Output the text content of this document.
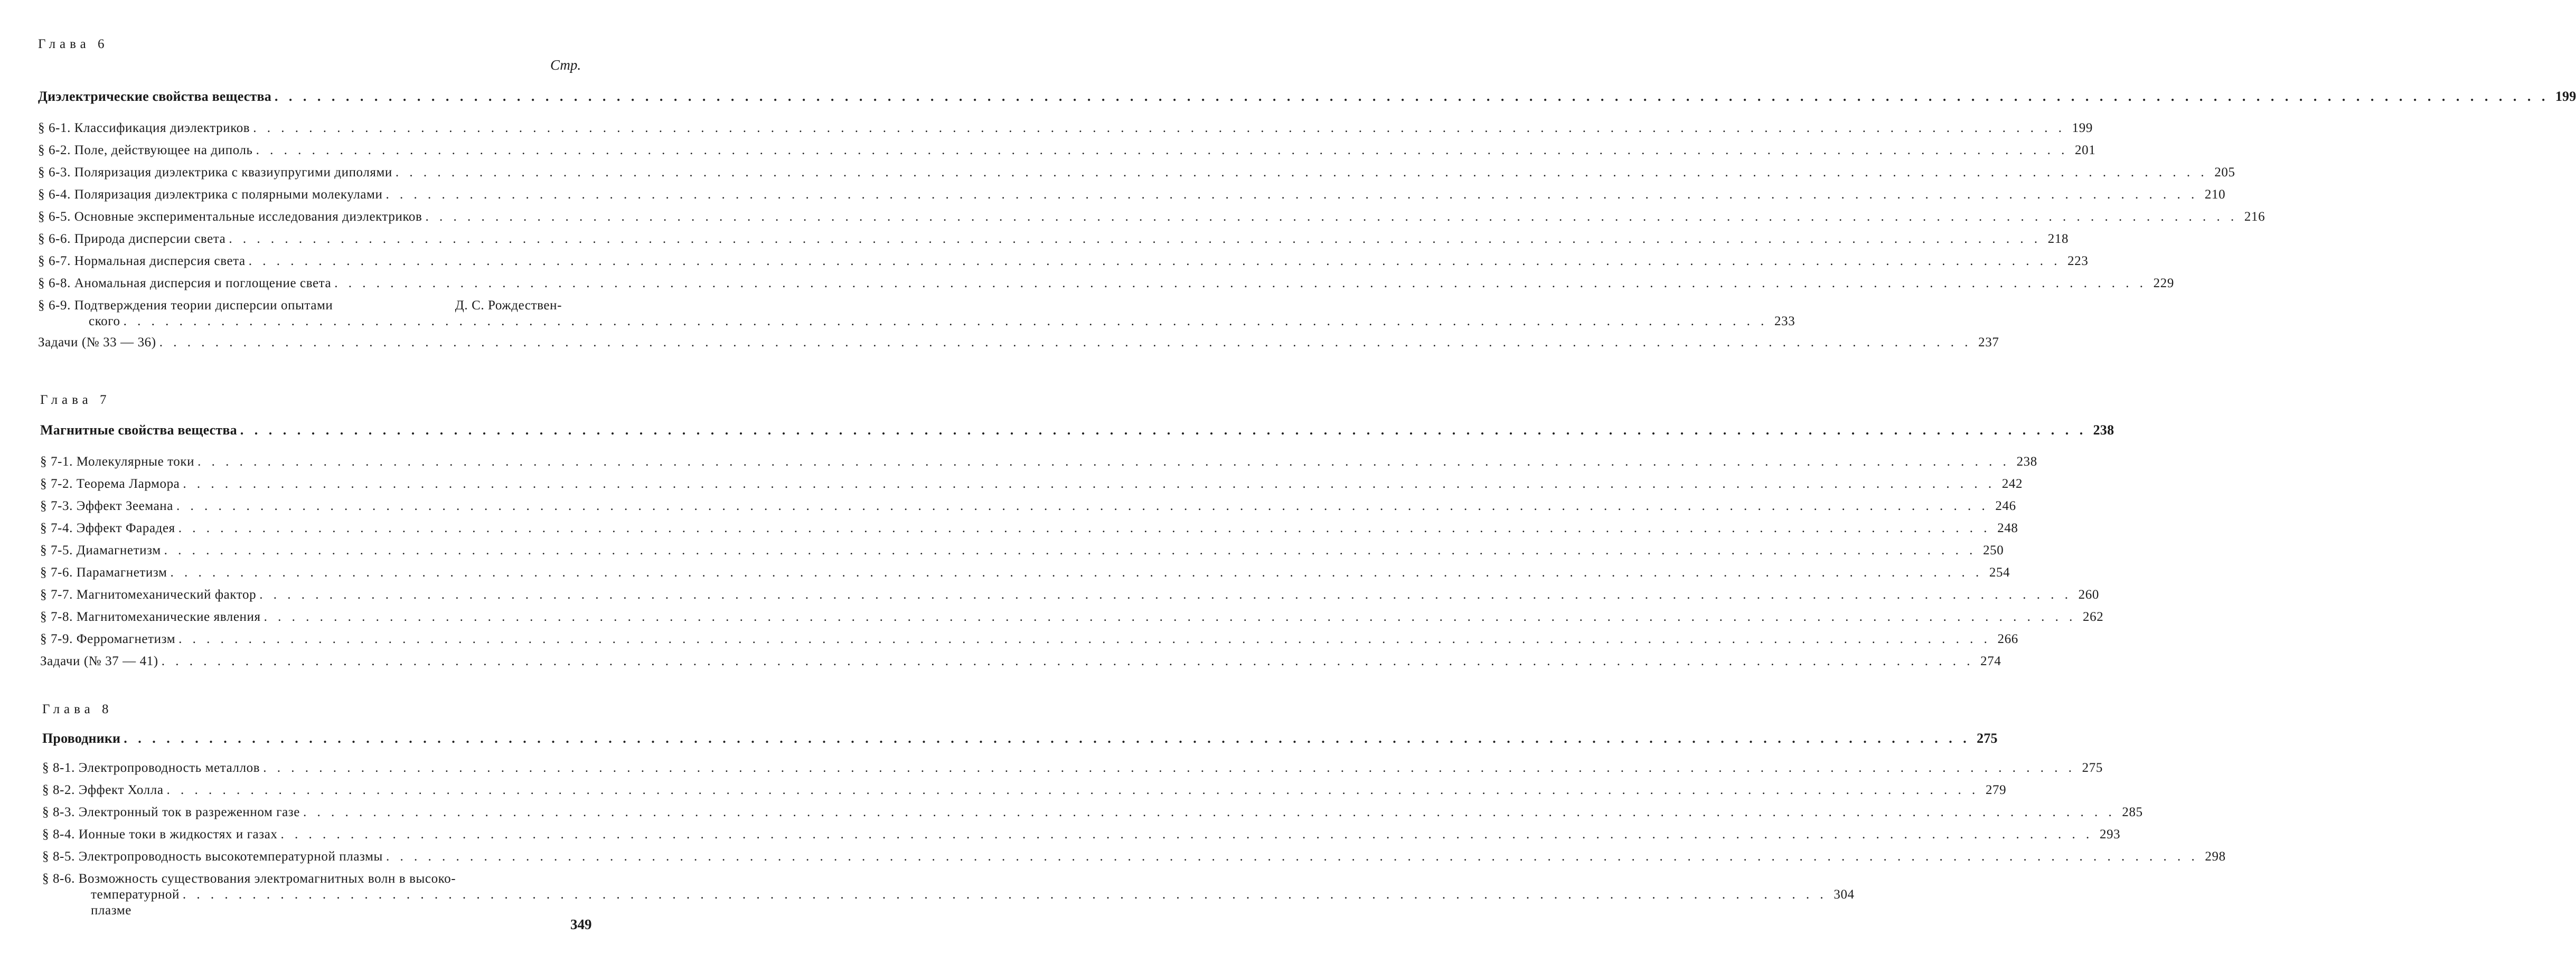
Глава 6
Стр.
Диэлектрические свойства вещества . . . . . . . . . . . . . . . . . . . . . . . . . . . . . . . . . . . . . . . . . . . . . . . . . . . . . . . . . . . . . . . . . . . . . . . . . . . . . . . . . . . . . . . . . . . . . . . . . . . . . . . . . . . . . . . . . . . . . . . . . . . . . . . . . . . . . . . . . . . . . . . . . . . . . . . . . . . . . . . . 199
§ 6-1. Классификация диэлектриков . . . . . . . . . . . . . . . . . . . . . . . . . . . . . . . . . . . . . . . . . . . . . . . . . . . . . . . . . . . . . . . . . . . . . . . . . . . . . . . . . . . . . . . . . . . . . . . . . . . . . . . . . . . . . . . . . . . . . . . . . . . . . . . . . . 199
§ 6-2. Поле, действующее на диполь . . . . . . . . . . . . . . . . . . . . . . . . . . . . . . . . . . . . . . . . . . . . . . . . . . . . . . . . . . . . . . . . . . . . . . . . . . . . . . . . . . . . . . . . . . . . . . . . . . . . . . . . . . . . . . . . . . . . . . . . . . . . . . . . . . 201
§ 6-3. Поляризация диэлектрика с квазиупругими диполями . . . . . . . . . . . . . . . . . . . . . . . . . . . . . . . . . . . . . . . . . . . . . . . . . . . . . . . . . . . . . . . . . . . . . . . . . . . . . . . . . . . . . . . . . . . . . . . . . . . . . . . . . . . . . . . . . . . . . . . . . . . . . . . . . . 205
§ 6-4. Поляризация диэлектрика с полярными молекулами . . . . . . . . . . . . . . . . . . . . . . . . . . . . . . . . . . . . . . . . . . . . . . . . . . . . . . . . . . . . . . . . . . . . . . . . . . . . . . . . . . . . . . . . . . . . . . . . . . . . . . . . . . . . . . . . . . . . . . . . . . . . . . . . . . 210
§ 6-5. Основные экспериментальные исследования диэлектриков . . . . . . . . . . . . . . . . . . . . . . . . . . . . . . . . . . . . . . . . . . . . . . . . . . . . . . . . . . . . . . . . . . . . . . . . . . . . . . . . . . . . . . . . . . . . . . . . . . . . . . . . . . . . . . . . . . . . . . . . . . . . . . . . . . 216
§ 6-6. Природа дисперсии света . . . . . . . . . . . . . . . . . . . . . . . . . . . . . . . . . . . . . . . . . . . . . . . . . . . . . . . . . . . . . . . . . . . . . . . . . . . . . . . . . . . . . . . . . . . . . . . . . . . . . . . . . . . . . . . . . . . . . . . . . . . . . . . . . . 218
§ 6-7. Нормальная дисперсия света . . . . . . . . . . . . . . . . . . . . . . . . . . . . . . . . . . . . . . . . . . . . . . . . . . . . . . . . . . . . . . . . . . . . . . . . . . . . . . . . . . . . . . . . . . . . . . . . . . . . . . . . . . . . . . . . . . . . . . . . . . . . . . . . . . 223
§ 6-8. Аномальная дисперсия и поглощение света . . . . . . . . . . . . . . . . . . . . . . . . . . . . . . . . . . . . . . . . . . . . . . . . . . . . . . . . . . . . . . . . . . . . . . . . . . . . . . . . . . . . . . . . . . . . . . . . . . . . . . . . . . . . . . . . . . . . . . . . . . . . . . . . . . 229
§ 6-9. Подтверждения теории дисперсии опытами	Д. С. Рождествен-
ского . . . . . . . . . . . . . . . . . . . . . . . . . . . . . . . . . . . . . . . . . . . . . . . . . . . . . . . . . . . . . . . . . . . . . . . . . . . . . . . . . . . . . . . . . . . . . . . . . . . . . . . . . . . . . . . . . . . . . . 233
Задачи (№ 33 — 36) . . . . . . . . . . . . . . . . . . . . . . . . . . . . . . . . . . . . . . . . . . . . . . . . . . . . . . . . . . . . . . . . . . . . . . . . . . . . . . . . . . . . . . . . . . . . . . . . . . . . . . . . . . . . . . . . . . . . . . . . . . . . . . . . . . 237
Глава 7
Магнитные свойства вещества . . . . . . . . . . . . . . . . . . . . . . . . . . . . . . . . . . . . . . . . . . . . . . . . . . . . . . . . . . . . . . . . . . . . . . . . . . . . . . . . . . . . . . . . . . . . . . . . . . . . . . . . . . . . . . . . . . . . . . . . . . . . . . . . . . 238
§ 7-1. Молекулярные токи . . . . . . . . . . . . . . . . . . . . . . . . . . . . . . . . . . . . . . . . . . . . . . . . . . . . . . . . . . . . . . . . . . . . . . . . . . . . . . . . . . . . . . . . . . . . . . . . . . . . . . . . . . . . . . . . . . . . . . . . . . . . . . . . . . 238
§ 7-2. Теорема Лармора . . . . . . . . . . . . . . . . . . . . . . . . . . . . . . . . . . . . . . . . . . . . . . . . . . . . . . . . . . . . . . . . . . . . . . . . . . . . . . . . . . . . . . . . . . . . . . . . . . . . . . . . . . . . . . . . . . . . . . . . . . . . . . . . . . 242
§ 7-3. Эффект Зеемана . . . . . . . . . . . . . . . . . . . . . . . . . . . . . . . . . . . . . . . . . . . . . . . . . . . . . . . . . . . . . . . . . . . . . . . . . . . . . . . . . . . . . . . . . . . . . . . . . . . . . . . . . . . . . . . . . . . . . . . . . . . . . . . . . . 246
§ 7-4. Эффект Фарадея . . . . . . . . . . . . . . . . . . . . . . . . . . . . . . . . . . . . . . . . . . . . . . . . . . . . . . . . . . . . . . . . . . . . . . . . . . . . . . . . . . . . . . . . . . . . . . . . . . . . . . . . . . . . . . . . . . . . . . . . . . . . . . . . . . 248
§ 7-5. Диамагнетизм . . . . . . . . . . . . . . . . . . . . . . . . . . . . . . . . . . . . . . . . . . . . . . . . . . . . . . . . . . . . . . . . . . . . . . . . . . . . . . . . . . . . . . . . . . . . . . . . . . . . . . . . . . . . . . . . . . . . . . . . . . . . . . . . . . 250
§ 7-6. Парамагнетизм . . . . . . . . . . . . . . . . . . . . . . . . . . . . . . . . . . . . . . . . . . . . . . . . . . . . . . . . . . . . . . . . . . . . . . . . . . . . . . . . . . . . . . . . . . . . . . . . . . . . . . . . . . . . . . . . . . . . . . . . . . . . . . . . . . 254
§ 7-7. Магнитомеханический фактор . . . . . . . . . . . . . . . . . . . . . . . . . . . . . . . . . . . . . . . . . . . . . . . . . . . . . . . . . . . . . . . . . . . . . . . . . . . . . . . . . . . . . . . . . . . . . . . . . . . . . . . . . . . . . . . . . . . . . . . . . . . . . . . . . . 260
§ 7-8. Магнитомеханические явления . . . . . . . . . . . . . . . . . . . . . . . . . . . . . . . . . . . . . . . . . . . . . . . . . . . . . . . . . . . . . . . . . . . . . . . . . . . . . . . . . . . . . . . . . . . . . . . . . . . . . . . . . . . . . . . . . . . . . . . . . . . . . . . . . . 262
§ 7-9. Ферромагнетизм . . . . . . . . . . . . . . . . . . . . . . . . . . . . . . . . . . . . . . . . . . . . . . . . . . . . . . . . . . . . . . . . . . . . . . . . . . . . . . . . . . . . . . . . . . . . . . . . . . . . . . . . . . . . . . . . . . . . . . . . . . . . . . . . . . 266
Задачи (№ 37 — 41) . . . . . . . . . . . . . . . . . . . . . . . . . . . . . . . . . . . . . . . . . . . . . . . . . . . . . . . . . . . . . . . . . . . . . . . . . . . . . . . . . . . . . . . . . . . . . . . . . . . . . . . . . . . . . . . . . . . . . . . . . . . . . . . . . . 274
Глава 8
Проводники . . . . . . . . . . . . . . . . . . . . . . . . . . . . . . . . . . . . . . . . . . . . . . . . . . . . . . . . . . . . . . . . . . . . . . . . . . . . . . . . . . . . . . . . . . . . . . . . . . . . . . . . . . . . . . . . . . . . . . . . . . . . . . . . . . 275
§ 8-1. Электропроводность металлов . . . . . . . . . . . . . . . . . . . . . . . . . . . . . . . . . . . . . . . . . . . . . . . . . . . . . . . . . . . . . . . . . . . . . . . . . . . . . . . . . . . . . . . . . . . . . . . . . . . . . . . . . . . . . . . . . . . . . . . . . . . . . . . . . . 275
§ 8-2. Эффект Холла . . . . . . . . . . . . . . . . . . . . . . . . . . . . . . . . . . . . . . . . . . . . . . . . . . . . . . . . . . . . . . . . . . . . . . . . . . . . . . . . . . . . . . . . . . . . . . . . . . . . . . . . . . . . . . . . . . . . . . . . . . . . . . . . . . 279
§ 8-3. Электронный ток в разреженном газе . . . . . . . . . . . . . . . . . . . . . . . . . . . . . . . . . . . . . . . . . . . . . . . . . . . . . . . . . . . . . . . . . . . . . . . . . . . . . . . . . . . . . . . . . . . . . . . . . . . . . . . . . . . . . . . . . . . . . . . . . . . . . . . . . . 285
§ 8-4. Ионные токи в жидкостях и газах . . . . . . . . . . . . . . . . . . . . . . . . . . . . . . . . . . . . . . . . . . . . . . . . . . . . . . . . . . . . . . . . . . . . . . . . . . . . . . . . . . . . . . . . . . . . . . . . . . . . . . . . . . . . . . . . . . . . . . . . . . . . . . . . . . 293
§ 8-5. Электропроводность высокотемпературной плазмы . . . . . . . . . . . . . . . . . . . . . . . . . . . . . . . . . . . . . . . . . . . . . . . . . . . . . . . . . . . . . . . . . . . . . . . . . . . . . . . . . . . . . . . . . . . . . . . . . . . . . . . . . . . . . . . . . . . . . . . . . . . . . . . . . . 298
§ 8-6. Возможность существования электромагнитных волн в высоко-
температурной плазме
. . . . . . . . . . . . . . . . . . . . . . . . . . . . . . . . . . . . . . . . . . . . . . . . . . . . . . . . . . . . . . . . . . . . . . . . . . . . . . . . . . . . . . . . . . . . . . . . . . . . . . . . . . . . . . . . . . . . . . 304
349
